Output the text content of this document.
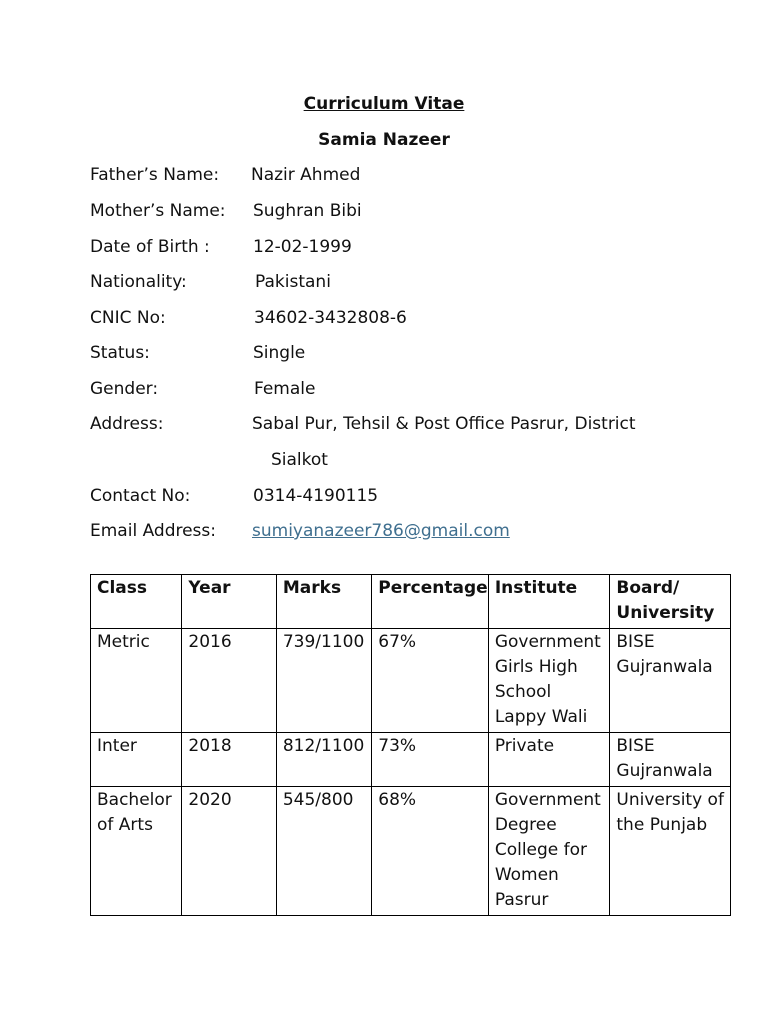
Curriculum Vitae
Samia Nazeer
Father’s Name: Nazir Ahmed
Mother’s Name: Sughran Bibi
Date of Birth :	12-02-1999
Nationality:	Pakistani
CNIC No:	34602-3432808-6
Status:	Single
Gender:	Female
Address:	Sabal Pur, Tehsil & Post Office Pasrur, District
Sialkot
Contact No:	0314-4190115
Email Address: sumiyanazeer786@gmail.com
Class	Year	Marks	Percentage	Institute	Board/ University
Metric	2016	739/1100	67%	Government Girls High School Lappy Wali	BISE Gujranwala
Inter	2018	812/1100	73%	Private	BISE Gujranwala
Bachelor of Arts	2020	545/800	68%	Government Degree College for Women Pasrur	University of the Punjab
